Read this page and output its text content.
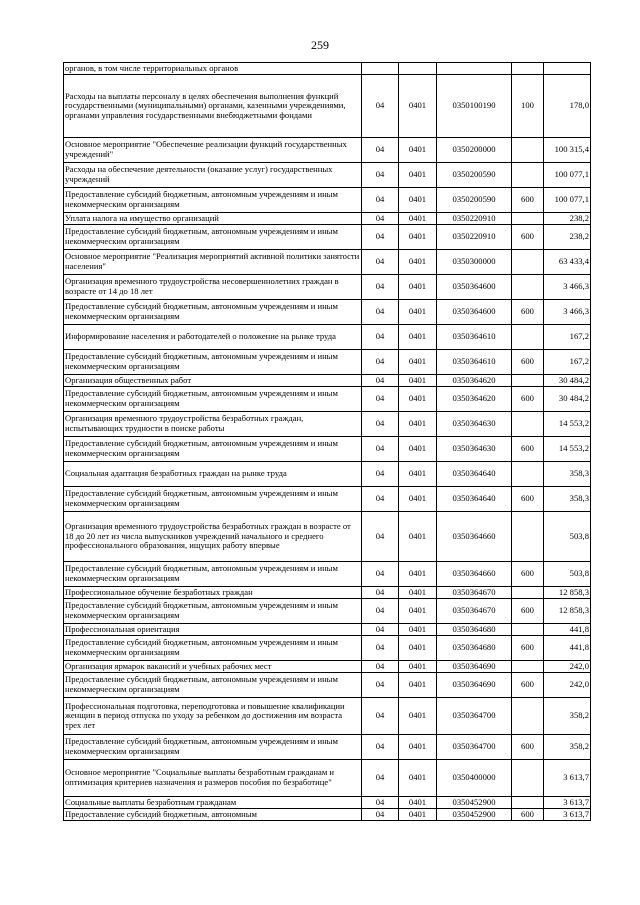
259
органов, в том числе территориальных органов					
Расходы на выплаты персоналу в целях обеспечения выполнения функций государственными (муниципальными) органами, казенными учреждениями, органами управления государственными внебюджетными фондами	04	0401	0350100190	100	178,0
Основное мероприятие "Обеспечение реализации функций государственных учреждений"	04	0401	0350200000		100 315,4
Расходы на обеспечение деятельности (оказание услуг) государственных учреждений	04	0401	0350200590		100 077,1
Предоставление субсидий бюджетным, автономным учреждениям и иным некоммерческим организациям	04	0401	0350200590	600	100 077,1
Уплата налога на имущество организаций	04	0401	0350220910		238,2
Предоставление субсидий бюджетным, автономным учреждениям и иным некоммерческим организациям	04	0401	0350220910	600	238,2
Основное мероприятие "Реализация мероприятий активной политики занятости населения"	04	0401	0350300000		63 433,4
Организация временного трудоустройства несовершеннолетних граждан в возрасте от 14 до 18 лет	04	0401	0350364600		3 466,3
Предоставление субсидий бюджетным, автономным учреждениям и иным некоммерческим организациям	04	0401	0350364600	600	3 466,3
Информирование населения и работодателей о положение на рынке труда	04	0401	0350364610		167,2
Предоставление субсидий бюджетным, автономным учреждениям и иным некоммерческим организациям	04	0401	0350364610	600	167,2
Организация общественных работ	04	0401	0350364620		30 484,2
Предоставление субсидий бюджетным, автономным учреждениям и иным некоммерческим организациям	04	0401	0350364620	600	30 484,2
Организация временного трудоустройства безработных граждан, испытывающих трудности в поиске работы	04	0401	0350364630		14 553,2
Предоставление субсидий бюджетным, автономным учреждениям и иным некоммерческим организациям	04	0401	0350364630	600	14 553,2
Социальная адаптация безработных граждан на рынке труда	04	0401	0350364640		358,3
Предоставление субсидий бюджетным, автономным учреждениям и иным некоммерческим организациям	04	0401	0350364640	600	358,3
Организация временного трудоустройства безработных граждан в возрасте от 18 до 20 лет из числа выпускников учреждений начального и среднего профессионального образования, ищущих работу впервые	04	0401	0350364660		503,8
Предоставление субсидий бюджетным, автономным учреждениям и иным некоммерческим организациям	04	0401	0350364660	600	503,8
Профессиональное обучение безработных граждан	04	0401	0350364670		12 858,3
Предоставление субсидий бюджетным, автономным учреждениям и иным некоммерческим организациям	04	0401	0350364670	600	12 858,3
Профессиональная ориентация	04	0401	0350364680		441,8
Предоставление субсидий бюджетным, автономным учреждениям и иным некоммерческим организациям	04	0401	0350364680	600	441,8
Организация ярмарок вакансий и учебных рабочих мест	04	0401	0350364690		242,0
Предоставление субсидий бюджетным, автономным учреждениям и иным некоммерческим организациям	04	0401	0350364690	600	242,0
Профессиональная подготовка, переподготовка и повышение квалификации женщин в период отпуска по уходу за ребенком до достижения им возраста трех лет	04	0401	0350364700		358,2
Предоставление субсидий бюджетным, автономным учреждениям и иным некоммерческим организациям	04	0401	0350364700	600	358,2
Основное мероприятие "Социальные выплаты безработным гражданам и оптимизация критериев назначения и размеров пособия по безработице"	04	0401	0350400000		3 613,7
Социальные выплаты безработным гражданам	04	0401	0350452900		3 613,7
Предоставление субсидий бюджетным, автономным	04	0401	0350452900	600	3 613,7
